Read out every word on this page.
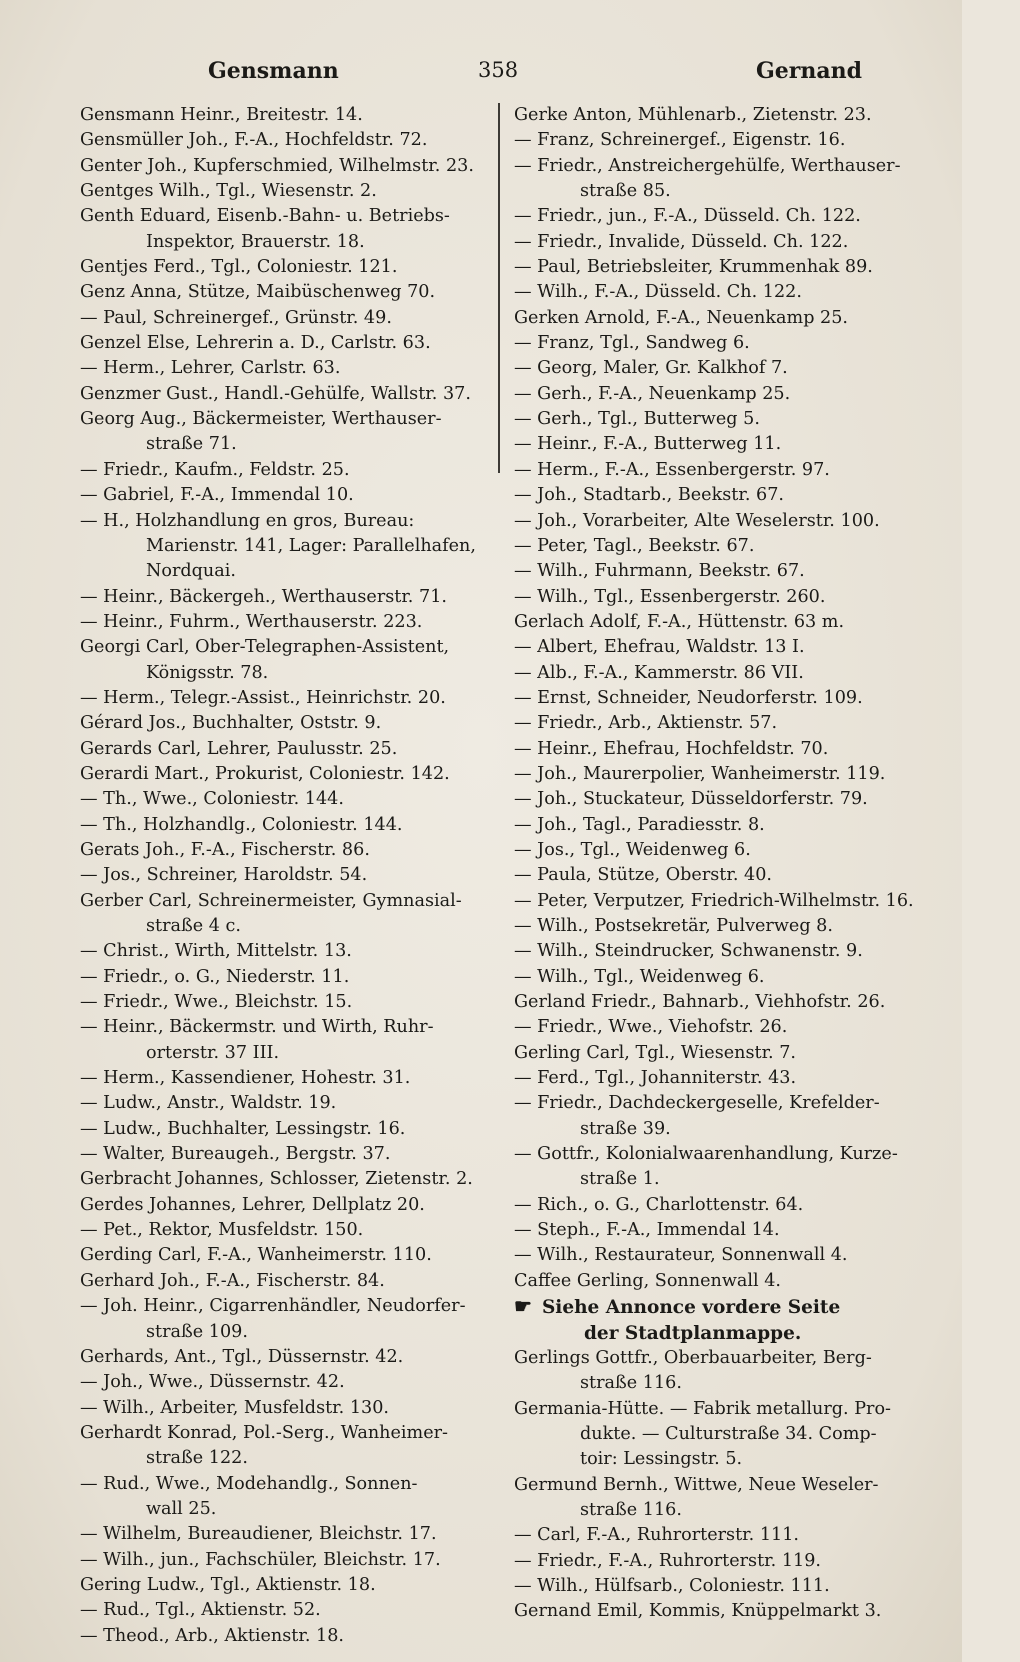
Gensmann	358	Gernand
Gensmann Heinr., Breitestr. 14.
Gensmüller Joh., F.-A., Hochfeldstr. 72.
Genter Joh., Kupferschmied, Wilhelmstr. 23.
Gentges Wilh., Tgl., Wiesenstr. 2.
Genth Eduard, Eisenb.-Bahn- u. Betriebs-
Inspektor, Brauerstr. 18.
Gentjes Ferd., Tgl., Coloniestr. 121.
Genz Anna, Stütze, Maibüschenweg 70.
— Paul, Schreinergef., Grünstr. 49.
Genzel Else, Lehrerin a. D., Carlstr. 63.
— Herm., Lehrer, Carlstr. 63.
Genzmer Gust., Handl.-Gehülfe, Wallstr. 37.
Georg Aug., Bäckermeister, Werthauser-
straße 71.
— Friedr., Kaufm., Feldstr. 25.
— Gabriel, F.-A., Immendal 10.
— H., Holzhandlung en gros, Bureau:
Marienstr. 141, Lager: Parallelhafen,
Nordquai.
— Heinr., Bäckergeh., Werthauserstr. 71.
— Heinr., Fuhrm., Werthauserstr. 223.
Georgi Carl, Ober-Telegraphen-Assistent,
Königsstr. 78.
— Herm., Telegr.-Assist., Heinrichstr. 20.
Gérard Jos., Buchhalter, Oststr. 9.
Gerards Carl, Lehrer, Paulusstr. 25.
Gerardi Mart., Prokurist, Coloniestr. 142.
— Th., Wwe., Coloniestr. 144.
— Th., Holzhandlg., Coloniestr. 144.
Gerats Joh., F.-A., Fischerstr. 86.
— Jos., Schreiner, Haroldstr. 54.
Gerber Carl, Schreinermeister, Gymnasial-
straße 4 c.
— Christ., Wirth, Mittelstr. 13.
— Friedr., o. G., Niederstr. 11.
— Friedr., Wwe., Bleichstr. 15.
— Heinr., Bäckermstr. und Wirth, Ruhr-
orterstr. 37 III.
— Herm., Kassendiener, Hohestr. 31.
— Ludw., Anstr., Waldstr. 19.
— Ludw., Buchhalter, Lessingstr. 16.
— Walter, Bureaugeh., Bergstr. 37.
Gerbracht Johannes, Schlosser, Zietenstr. 2.
Gerdes Johannes, Lehrer, Dellplatz 20.
— Pet., Rektor, Musfeldstr. 150.
Gerding Carl, F.-A., Wanheimerstr. 110.
Gerhard Joh., F.-A., Fischerstr. 84.
— Joh. Heinr., Cigarrenhändler, Neudorfer-
straße 109.
Gerhards, Ant., Tgl., Düssernstr. 42.
— Joh., Wwe., Düssernstr. 42.
— Wilh., Arbeiter, Musfeldstr. 130.
Gerhardt Konrad, Pol.-Serg., Wanheimer-
straße 122.
— Rud., Wwe., Modehandlg., Sonnen-
wall 25.
— Wilhelm, Bureaudiener, Bleichstr. 17.
— Wilh., jun., Fachschüler, Bleichstr. 17.
Gering Ludw., Tgl., Aktienstr. 18.
— Rud., Tgl., Aktienstr. 52.
— Theod., Arb., Aktienstr. 18.
Gerke Anton, Mühlenarb., Zietenstr. 23.
— Franz, Schreinergef., Eigenstr. 16.
— Friedr., Anstreichergehülfe, Werthauser-
straße 85.
— Friedr., jun., F.-A., Düsseld. Ch. 122.
— Friedr., Invalide, Düsseld. Ch. 122.
— Paul, Betriebsleiter, Krummenhak 89.
— Wilh., F.-A., Düsseld. Ch. 122.
Gerken Arnold, F.-A., Neuenkamp 25.
— Franz, Tgl., Sandweg 6.
— Georg, Maler, Gr. Kalkhof 7.
— Gerh., F.-A., Neuenkamp 25.
— Gerh., Tgl., Butterweg 5.
— Heinr., F.-A., Butterweg 11.
— Herm., F.-A., Essenbergerstr. 97.
— Joh., Stadtarb., Beekstr. 67.
— Joh., Vorarbeiter, Alte Weselerstr. 100.
— Peter, Tagl., Beekstr. 67.
— Wilh., Fuhrmann, Beekstr. 67.
— Wilh., Tgl., Essenbergerstr. 260.
Gerlach Adolf, F.-A., Hüttenstr. 63 m.
— Albert, Ehefrau, Waldstr. 13 I.
— Alb., F.-A., Kammerstr. 86 VII.
— Ernst, Schneider, Neudorferstr. 109.
— Friedr., Arb., Aktienstr. 57.
— Heinr., Ehefrau, Hochfeldstr. 70.
— Joh., Maurerpolier, Wanheimerstr. 119.
— Joh., Stuckateur, Düsseldorferstr. 79.
— Joh., Tagl., Paradiesstr. 8.
— Jos., Tgl., Weidenweg 6.
— Paula, Stütze, Oberstr. 40.
— Peter, Verputzer, Friedrich-Wilhelmstr. 16.
— Wilh., Postsekretär, Pulverweg 8.
— Wilh., Steindrucker, Schwanenstr. 9.
— Wilh., Tgl., Weidenweg 6.
Gerland Friedr., Bahnarb., Viehhofstr. 26.
— Friedr., Wwe., Viehofstr. 26.
Gerling Carl, Tgl., Wiesenstr. 7.
— Ferd., Tgl., Johanniterstr. 43.
— Friedr., Dachdeckergeselle, Krefelder-
straße 39.
— Gottfr., Kolonialwaarenhandlung, Kurze-
straße 1.
— Rich., o. G., Charlottenstr. 64.
— Steph., F.-A., Immendal 14.
— Wilh., Restaurateur, Sonnenwall 4.
Caffee Gerling, Sonnenwall 4.
☛ Siehe Annonce vordere Seite
der Stadtplanmappe.
Gerlings Gottfr., Oberbauarbeiter, Berg-
straße 116.
Germania-Hütte. — Fabrik metallurg. Pro-
dukte. — Culturstraße 34. Comp-
toir: Lessingstr. 5.
Germund Bernh., Wittwe, Neue Weseler-
straße 116.
— Carl, F.-A., Ruhrorterstr. 111.
— Friedr., F.-A., Ruhrorterstr. 119.
— Wilh., Hülfsarb., Coloniestr. 111.
Gernand Emil, Kommis, Knüppelmarkt 3.
